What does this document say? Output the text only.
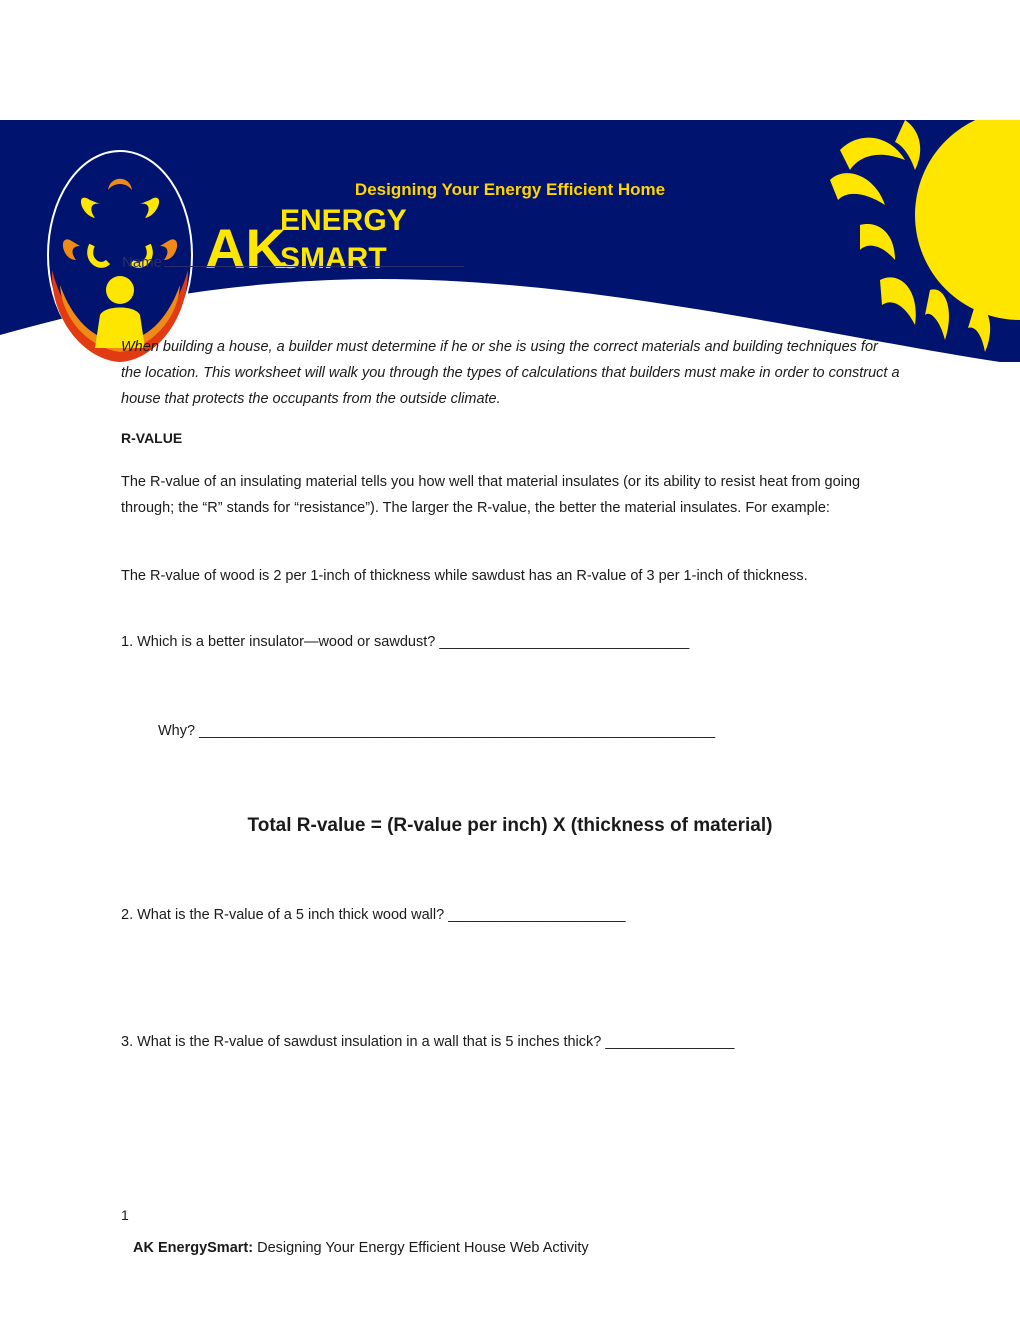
AK
ENERGY
SMART
Designing Your Energy Efficient Home
Name

When building a house, a builder must determine if he or she is using the correct materials and building techniques for the location. This worksheet will walk you through the types of calculations that builders must make in order to construct a house that protects the occupants from the outside climate.

R-VALUE

The R-value of an insulating material tells you how well that material insulates (or its ability to resist heat from going through; the “R” stands for “resistance”). The larger the R-value, the better the material insulates. For example:

The R-value of wood is 2 per 1-inch of thickness while sawdust has an R-value of 3 per 1-inch of thickness.

1. Which is a better insulator—wood or sawdust? _______________________________

Why? ________________________________________________________________

Total R-value = (R-value per inch) X (thickness of material)

2. What is the R-value of a 5 inch thick wood wall? ______________________

3. What is the R-value of sawdust insulation in a wall that is 5 inches thick? ________________

1
AK EnergySmart: Designing Your Energy Efficient House Web Activity
